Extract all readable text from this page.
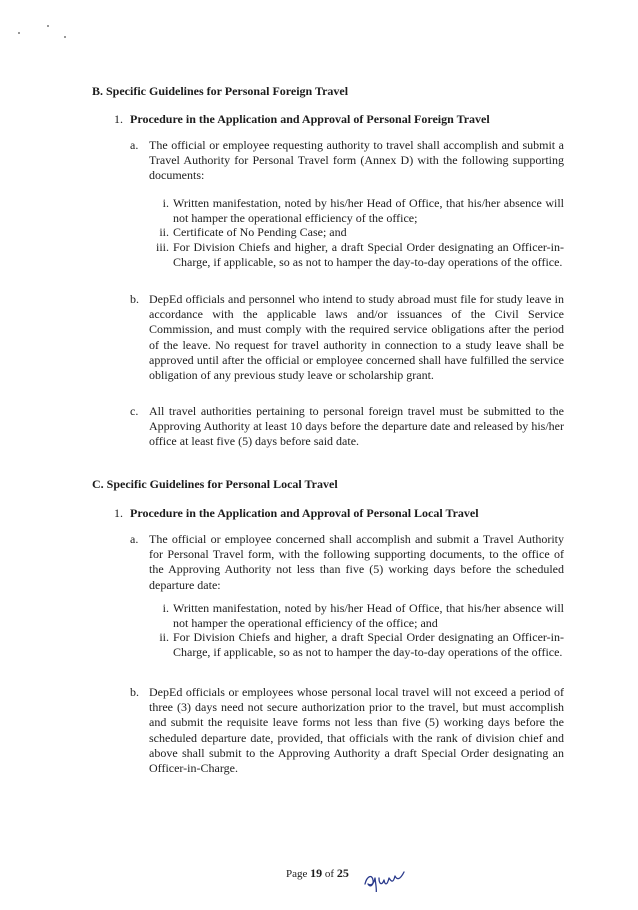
B. Specific Guidelines for Personal Foreign Travel
1. Procedure in the Application and Approval of Personal Foreign Travel
a. The official or employee requesting authority to travel shall accomplish and submit a Travel Authority for Personal Travel form (Annex D) with the following supporting documents:
i. Written manifestation, noted by his/her Head of Office, that his/her absence will not hamper the operational efficiency of the office;
ii. Certificate of No Pending Case; and
iii. For Division Chiefs and higher, a draft Special Order designating an Officer-in-Charge, if applicable, so as not to hamper the day-to-day operations of the office.
b. DepEd officials and personnel who intend to study abroad must file for study leave in accordance with the applicable laws and/or issuances of the Civil Service Commission, and must comply with the required service obligations after the period of the leave. No request for travel authority in connection to a study leave shall be approved until after the official or employee concerned shall have fulfilled the service obligation of any previous study leave or scholarship grant.
c. All travel authorities pertaining to personal foreign travel must be submitted to the Approving Authority at least 10 days before the departure date and released by his/her office at least five (5) days before said date.
C. Specific Guidelines for Personal Local Travel
1. Procedure in the Application and Approval of Personal Local Travel
a. The official or employee concerned shall accomplish and submit a Travel Authority for Personal Travel form, with the following supporting documents, to the office of the Approving Authority not less than five (5) working days before the scheduled departure date:
i. Written manifestation, noted by his/her Head of Office, that his/her absence will not hamper the operational efficiency of the office; and
ii. For Division Chiefs and higher, a draft Special Order designating an Officer-in-Charge, if applicable, so as not to hamper the day-to-day operations of the office.
b. DepEd officials or employees whose personal local travel will not exceed a period of three (3) days need not secure authorization prior to the travel, but must accomplish and submit the requisite leave forms not less than five (5) working days before the scheduled departure date, provided, that officials with the rank of division chief and above shall submit to the Approving Authority a draft Special Order designating an Officer-in-Charge.
Page 19 of 25
